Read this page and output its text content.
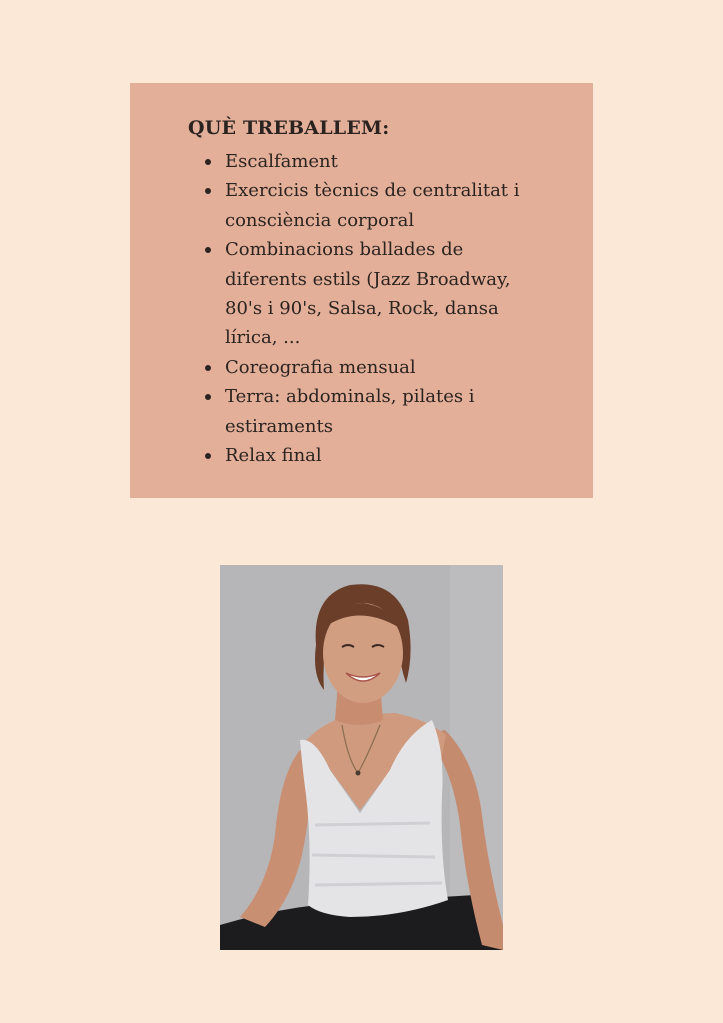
QUÈ TREBALLEM:
Escalfament
Exercicis tècnics de centralitat i consciència corporal
Combinacions ballades de diferents estils (Jazz Broadway, 80's i 90's, Salsa, Rock, dansa lírica, ...
Coreografia mensual
Terra: abdominals, pilates i estiraments
Relax final
